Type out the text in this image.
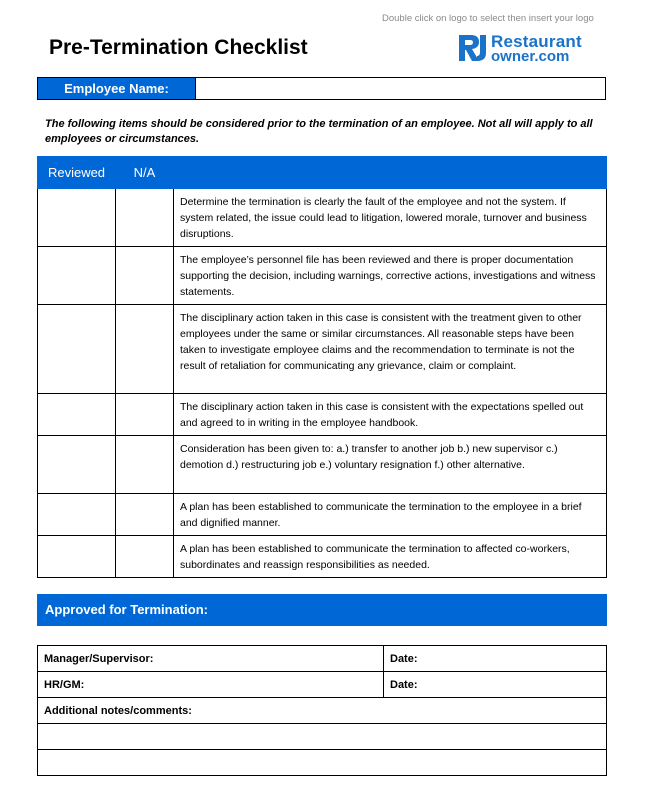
Double click on logo to select then insert your logo
Pre-Termination Checklist	Restaurant
owner.com
Employee Name:
The following items should be considered prior to the termination of an employee. Not all will apply to all employees or circumstances.
Reviewed	N/A	
		Determine the termination is clearly the fault of the employee and not the system. If system related, the issue could lead to litigation, lowered morale, turnover and business disruptions.
		The employee’s personnel file has been reviewed and there is proper documentation supporting the decision, including warnings, corrective actions, investigations and witness statements.
		The disciplinary action taken in this case is consistent with the treatment given to other employees under the same or similar circumstances. All reasonable steps have been taken to investigate employee claims and the recommendation to terminate is not the result of retaliation for communicating any grievance, claim or complaint.
		The disciplinary action taken in this case is consistent with the expectations spelled out and agreed to in writing in the employee handbook.
		Consideration has been given to: a.) transfer to another job b.) new supervisor c.) demotion d.) restructuring job e.) voluntary resignation f.) other alternative.
		A plan has been established to communicate the termination to the employee in a brief and dignified manner.
		A plan has been established to communicate the termination to affected co-workers, subordinates and reassign responsibilities as needed.
Approved for Termination:
Manager/Supervisor:	Date:
HR/GM:	Date:
Additional notes/comments:	
